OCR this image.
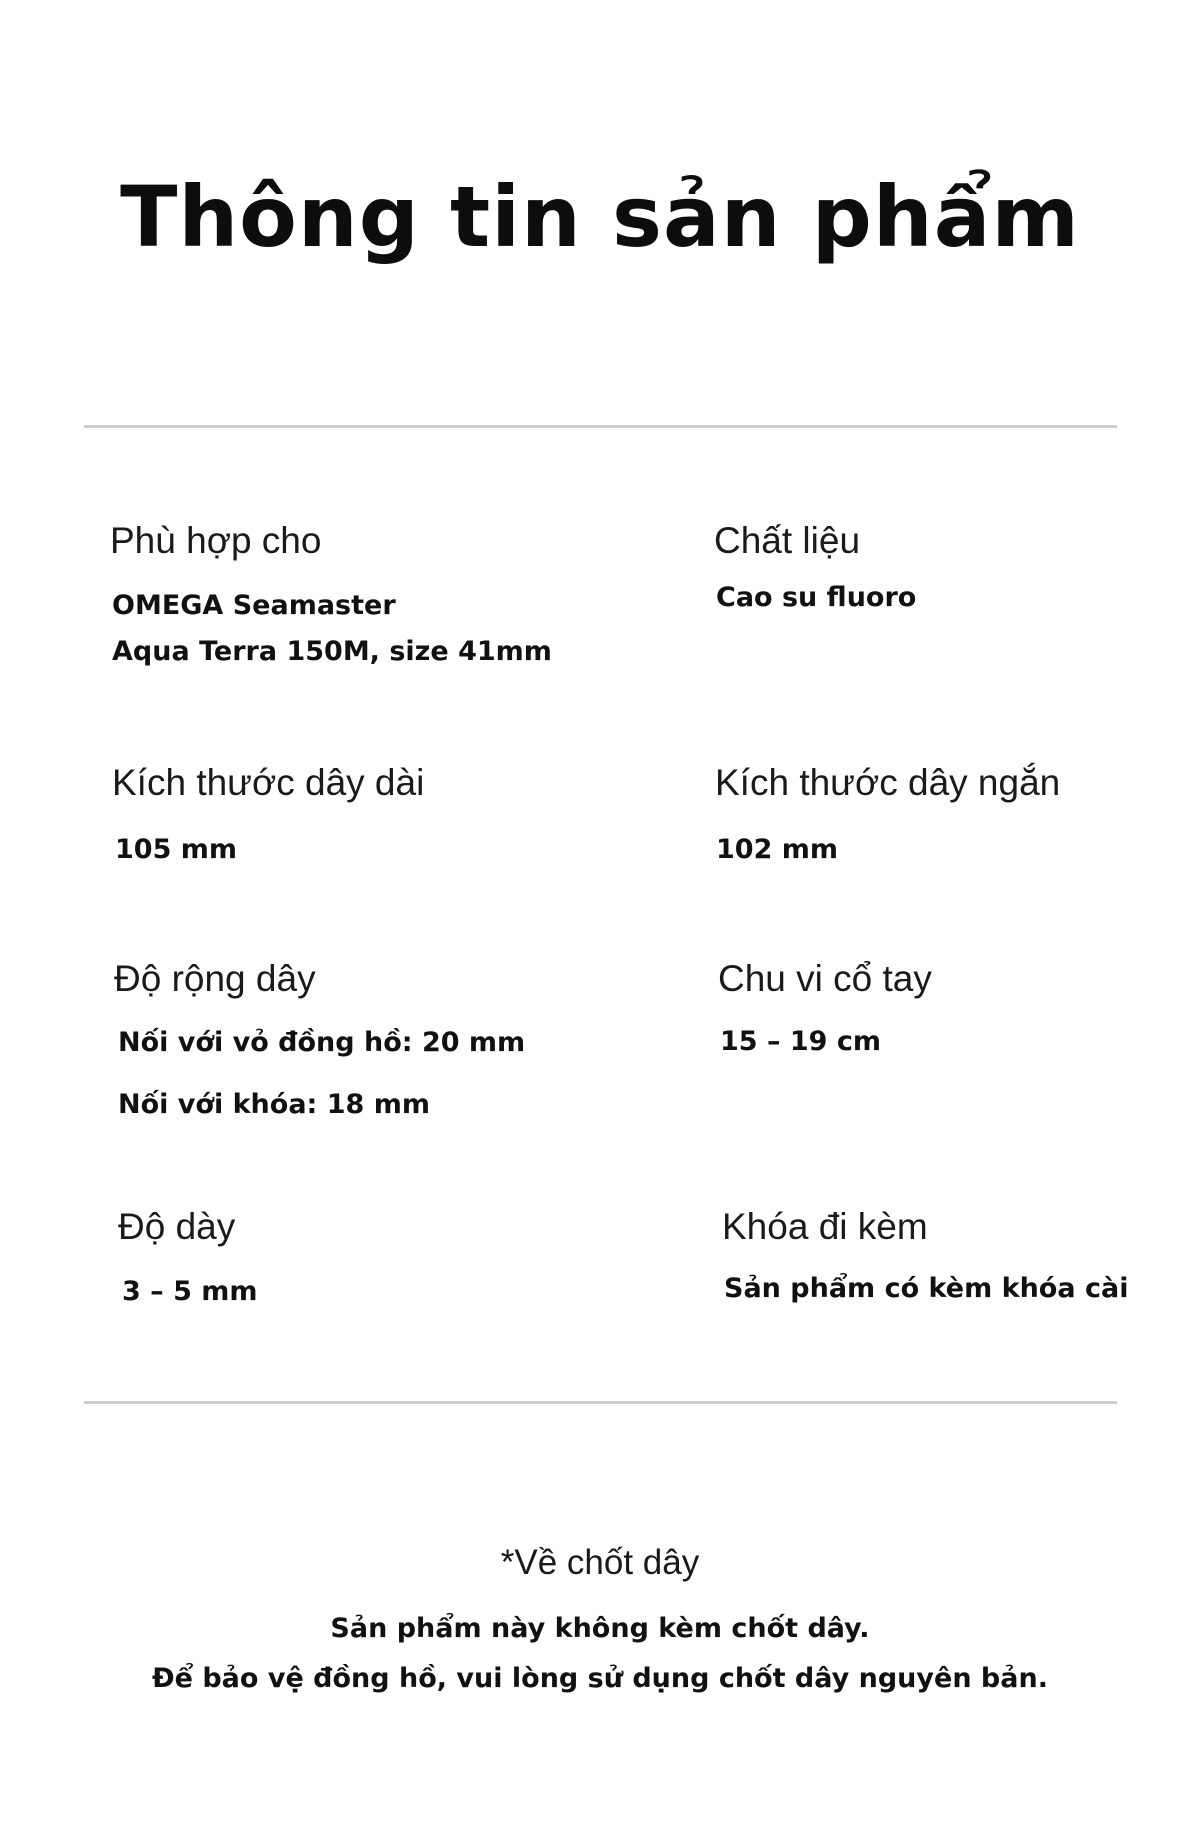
Thông tin sản phẩm
Phù hợp cho
OMEGA Seamaster
Aqua Terra 150M, size 41mm
Chất liệu
Cao su fluoro
Kích thước dây dài
105 mm
Kích thước dây ngắn
102 mm
Độ rộng dây
Nối với vỏ đồng hồ: 20 mm
Nối với khóa: 18 mm
Chu vi cổ tay
15 – 19 cm
Độ dày
3 – 5 mm
Khóa đi kèm
Sản phẩm có kèm khóa cài
*Về chốt dây
Sản phẩm này không kèm chốt dây.
Để bảo vệ đồng hồ, vui lòng sử dụng chốt dây nguyên bản.
